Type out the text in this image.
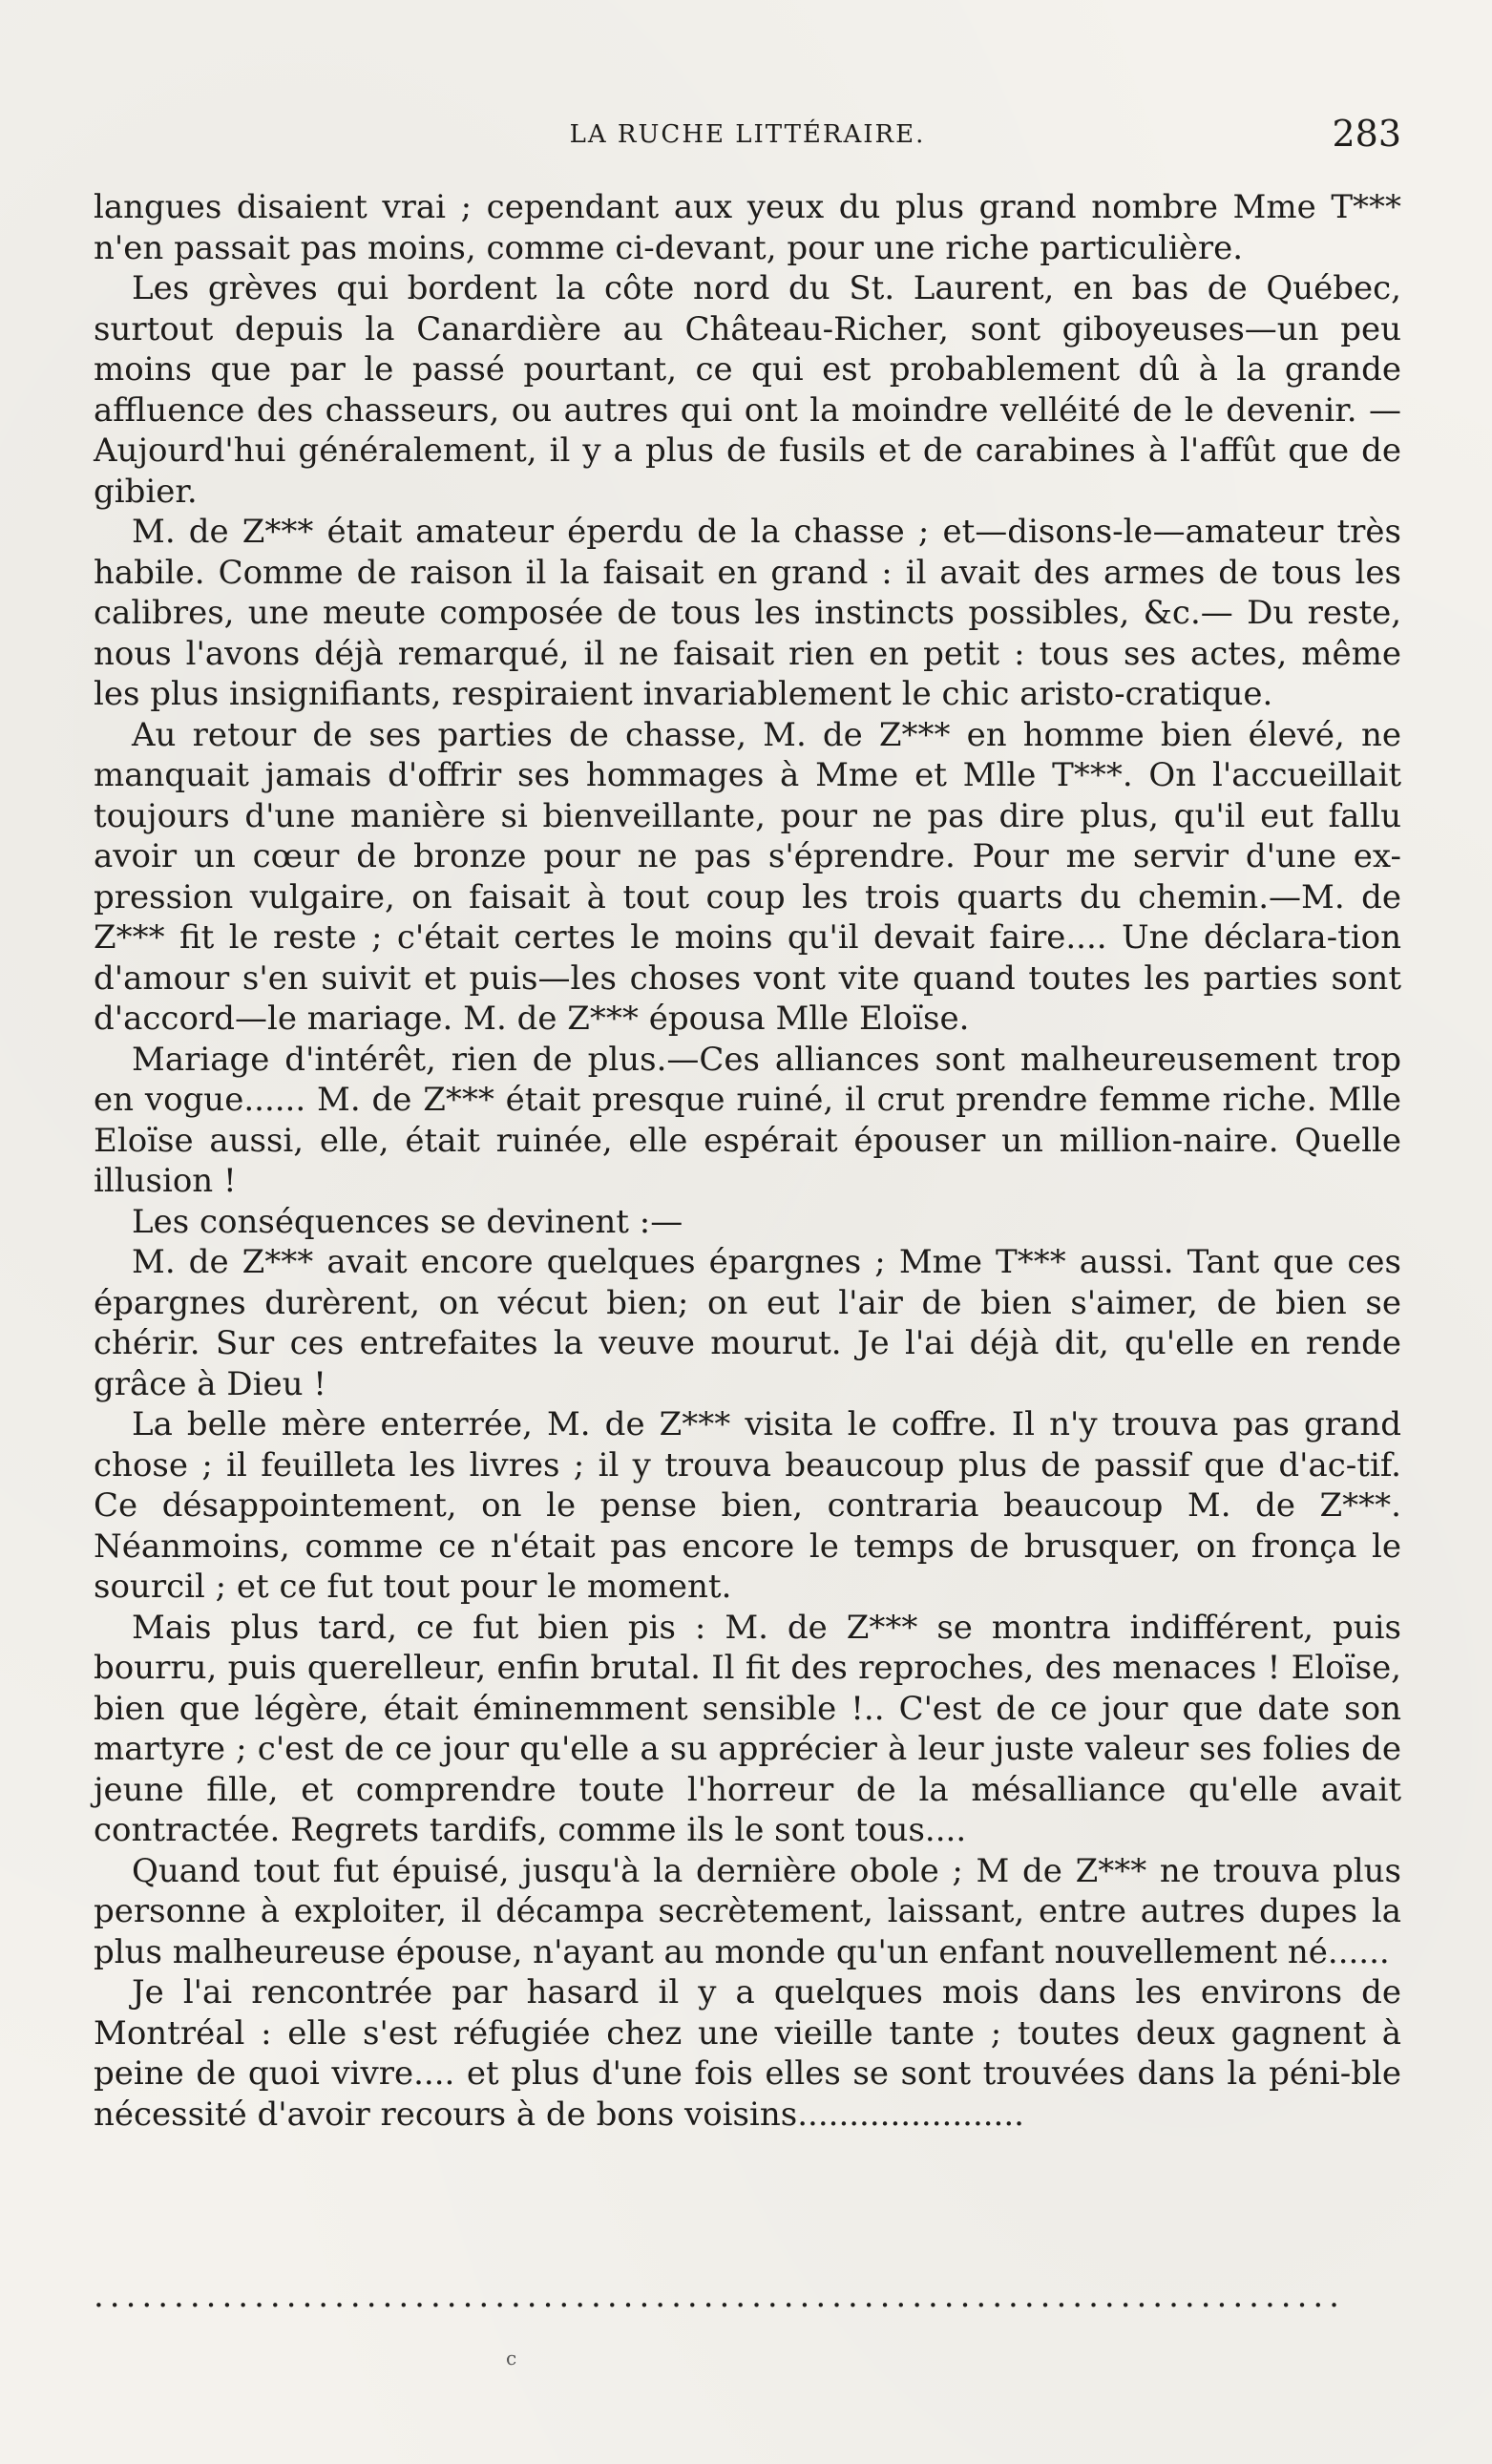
LA RUCHE LITTÉRAIRE.	283

langues disaient vrai ; cependant aux yeux du plus grand nombre Mme T*** n'en passait pas moins, comme ci-devant, pour une riche particulière.

Les grèves qui bordent la côte nord du St. Laurent, en bas de Québec, surtout depuis la Canardière au Château-Richer, sont giboyeuses—un peu moins que par le passé pourtant, ce qui est probablement dû à la grande affluence des chasseurs, ou autres qui ont la moindre velléité de le devenir. —Aujourd'hui généralement, il y a plus de fusils et de carabines à l'affût que de gibier.

M. de Z*** était amateur éperdu de la chasse ; et—disons-le—amateur très habile. Comme de raison il la faisait en grand : il avait des armes de tous les calibres, une meute composée de tous les instincts possibles, &c.— Du reste, nous l'avons déjà remarqué, il ne faisait rien en petit : tous ses actes, même les plus insignifiants, respiraient invariablement le chic aristo-cratique.

Au retour de ses parties de chasse, M. de Z*** en homme bien élevé, ne manquait jamais d'offrir ses hommages à Mme et Mlle T***. On l'accueillait toujours d'une manière si bienveillante, pour ne pas dire plus, qu'il eut fallu avoir un cœur de bronze pour ne pas s'éprendre. Pour me servir d'une ex-pression vulgaire, on faisait à tout coup les trois quarts du chemin.—M. de Z*** fit le reste ; c'était certes le moins qu'il devait faire.... Une déclara-tion d'amour s'en suivit et puis—les choses vont vite quand toutes les parties sont d'accord—le mariage. M. de Z*** épousa Mlle Eloïse.

Mariage d'intérêt, rien de plus.—Ces alliances sont malheureusement trop en vogue...... M. de Z*** était presque ruiné, il crut prendre femme riche. Mlle Eloïse aussi, elle, était ruinée, elle espérait épouser un million-naire. Quelle illusion !

Les conséquences se devinent :—

M. de Z*** avait encore quelques épargnes ; Mme T*** aussi. Tant que ces épargnes durèrent, on vécut bien; on eut l'air de bien s'aimer, de bien se chérir. Sur ces entrefaites la veuve mourut. Je l'ai déjà dit, qu'elle en rende grâce à Dieu !

La belle mère enterrée, M. de Z*** visita le coffre. Il n'y trouva pas grand chose ; il feuilleta les livres ; il y trouva beaucoup plus de passif que d'ac-tif. Ce désappointement, on le pense bien, contraria beaucoup M. de Z***. Néanmoins, comme ce n'était pas encore le temps de brusquer, on fronça le sourcil ; et ce fut tout pour le moment.

Mais plus tard, ce fut bien pis : M. de Z*** se montra indifférent, puis bourru, puis querelleur, enfin brutal. Il fit des reproches, des menaces ! Eloïse, bien que légère, était éminemment sensible !.. C'est de ce jour que date son martyre ; c'est de ce jour qu'elle a su apprécier à leur juste valeur ses folies de jeune fille, et comprendre toute l'horreur de la mésalliance qu'elle avait contractée. Regrets tardifs, comme ils le sont tous....

Quand tout fut épuisé, jusqu'à la dernière obole ; M de Z*** ne trouva plus personne à exploiter, il décampa secrètement, laissant, entre autres dupes la plus malheureuse épouse, n'ayant au monde qu'un enfant nouvellement né......

Je l'ai rencontrée par hasard il y a quelques mois dans les environs de Montréal : elle s'est réfugiée chez une vieille tante ; toutes deux gagnent à peine de quoi vivre.... et plus d'une fois elles se sont trouvées dans la péni-ble nécessité d'avoir recours à de bons voisins......................

..............................................................................
c
